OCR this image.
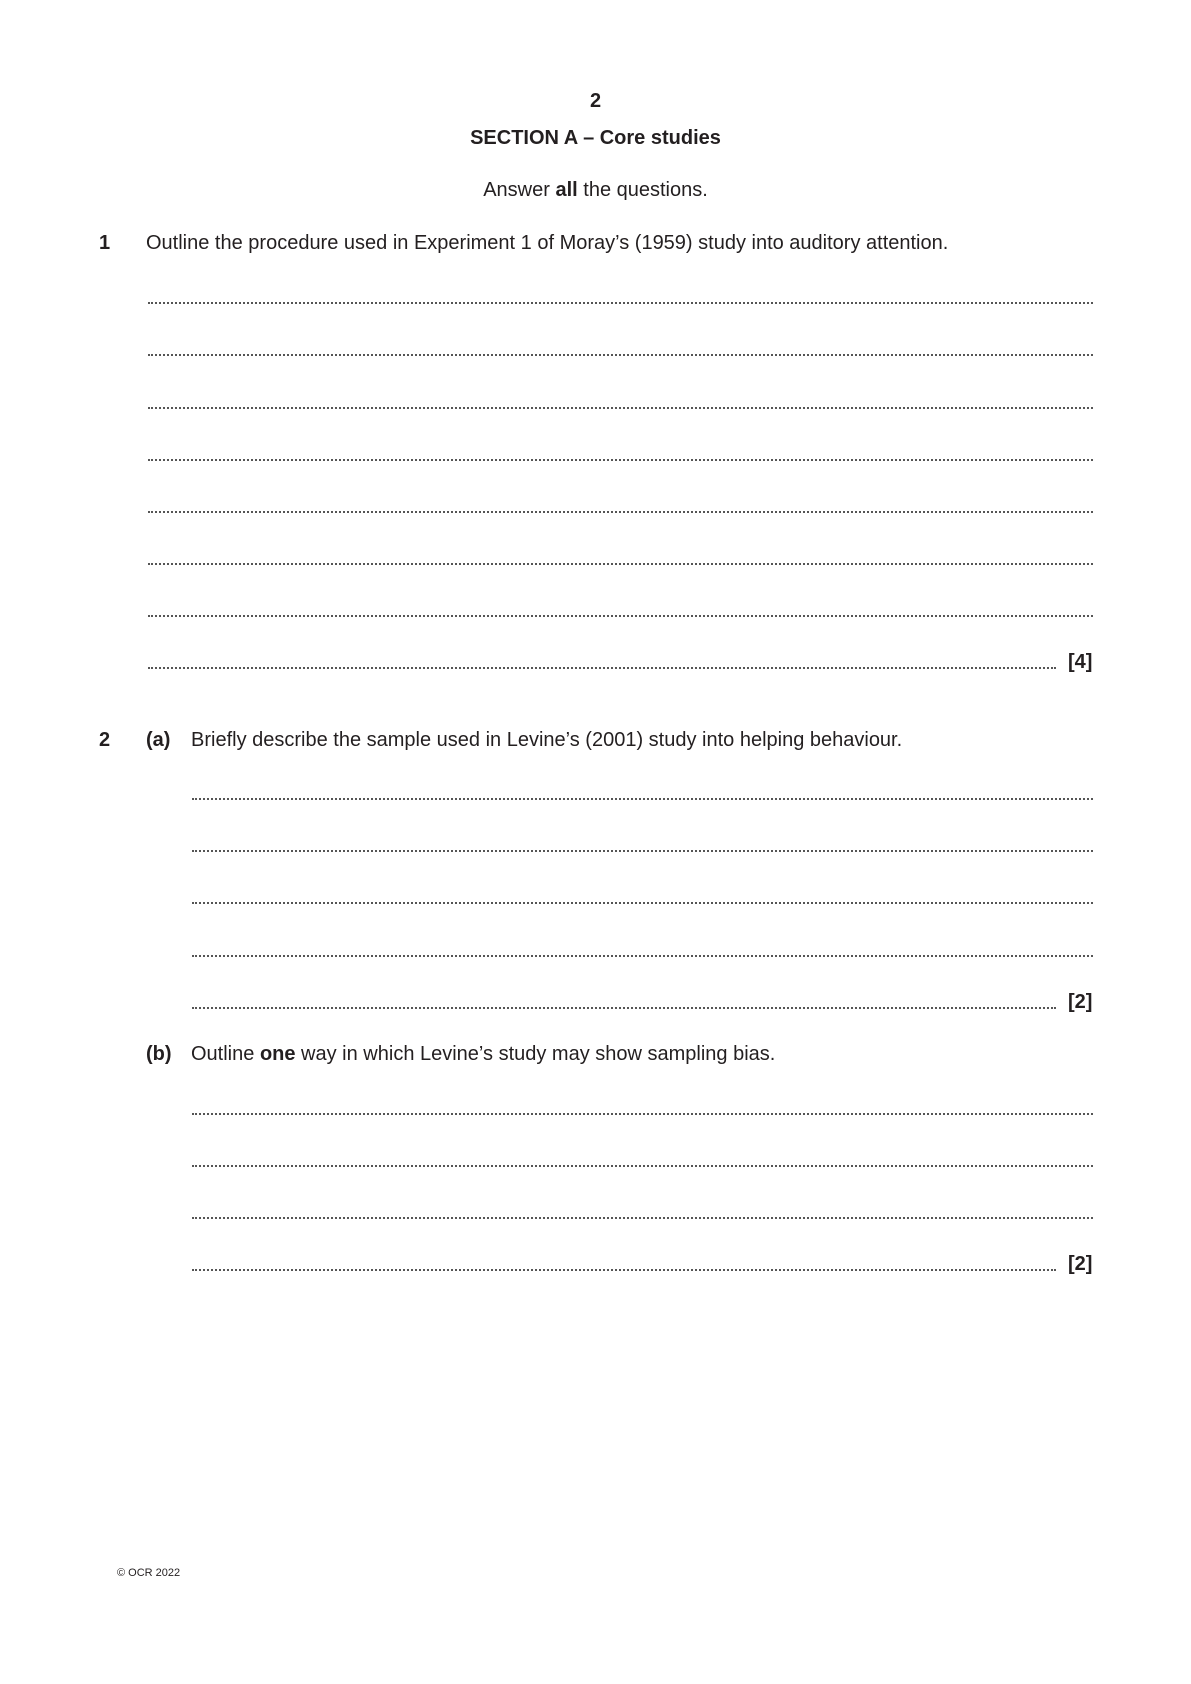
2
SECTION A – Core studies
Answer all the questions.
1 Outline the procedure used in Experiment 1 of Moray’s (1959) study into auditory attention.
[4]
2 (a) Briefly describe the sample used in Levine’s (2001) study into helping behaviour.
[2]
(b) Outline one way in which Levine’s study may show sampling bias.
[2]
© OCR 2022
